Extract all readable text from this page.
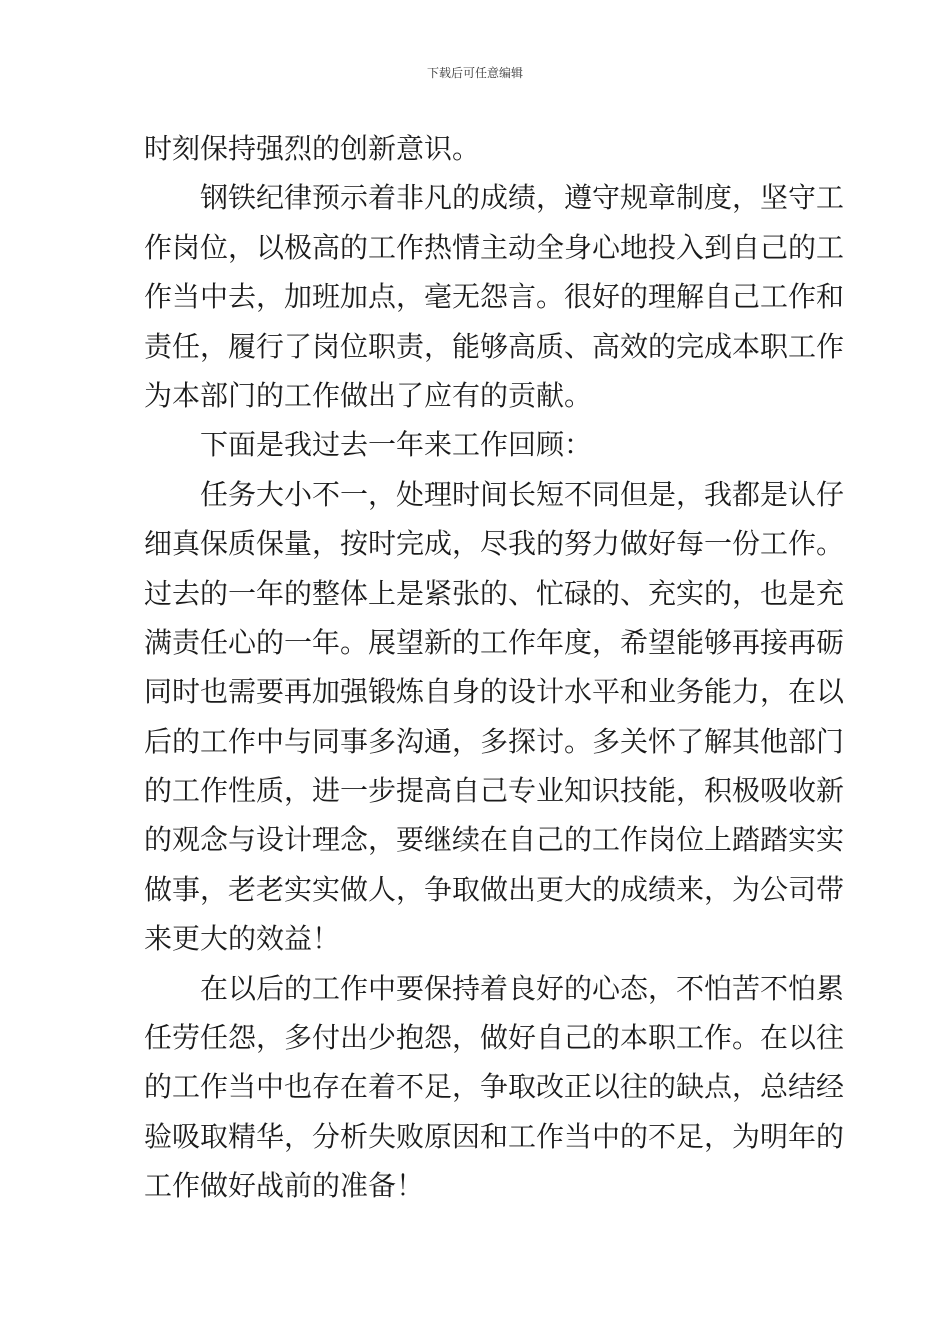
下载后可任意编辑
时刻保持强烈的创新意识。
钢铁纪律预示着非凡的成绩，遵守规章制度，坚守工
作岗位，以极高的工作热情主动全身心地投入到自己的工
作当中去，加班加点，毫无怨言。很好的理解自己工作和
责任，履行了岗位职责，能够高质、高效的完成本职工作
为本部门的工作做出了应有的贡献。
下面是我过去一年来工作回顾：
任务大小不一，处理时间长短不同但是，我都是认仔
细真保质保量，按时完成，尽我的努力做好每一份工作。
过去的一年的整体上是紧张的、忙碌的、充实的，也是充
满责任心的一年。展望新的工作年度，希望能够再接再砺
同时也需要再加强锻炼自身的设计水平和业务能力，在以
后的工作中与同事多沟通，多探讨。多关怀了解其他部门
的工作性质，进一步提高自己专业知识技能，积极吸收新
的观念与设计理念，要继续在自己的工作岗位上踏踏实实
做事，老老实实做人，争取做出更大的成绩来，为公司带
来更大的效益！
在以后的工作中要保持着良好的心态，不怕苦不怕累
任劳任怨，多付出少抱怨，做好自己的本职工作。在以往
的工作当中也存在着不足，争取改正以往的缺点，总结经
验吸取精华，分析失败原因和工作当中的不足，为明年的
工作做好战前的准备！
